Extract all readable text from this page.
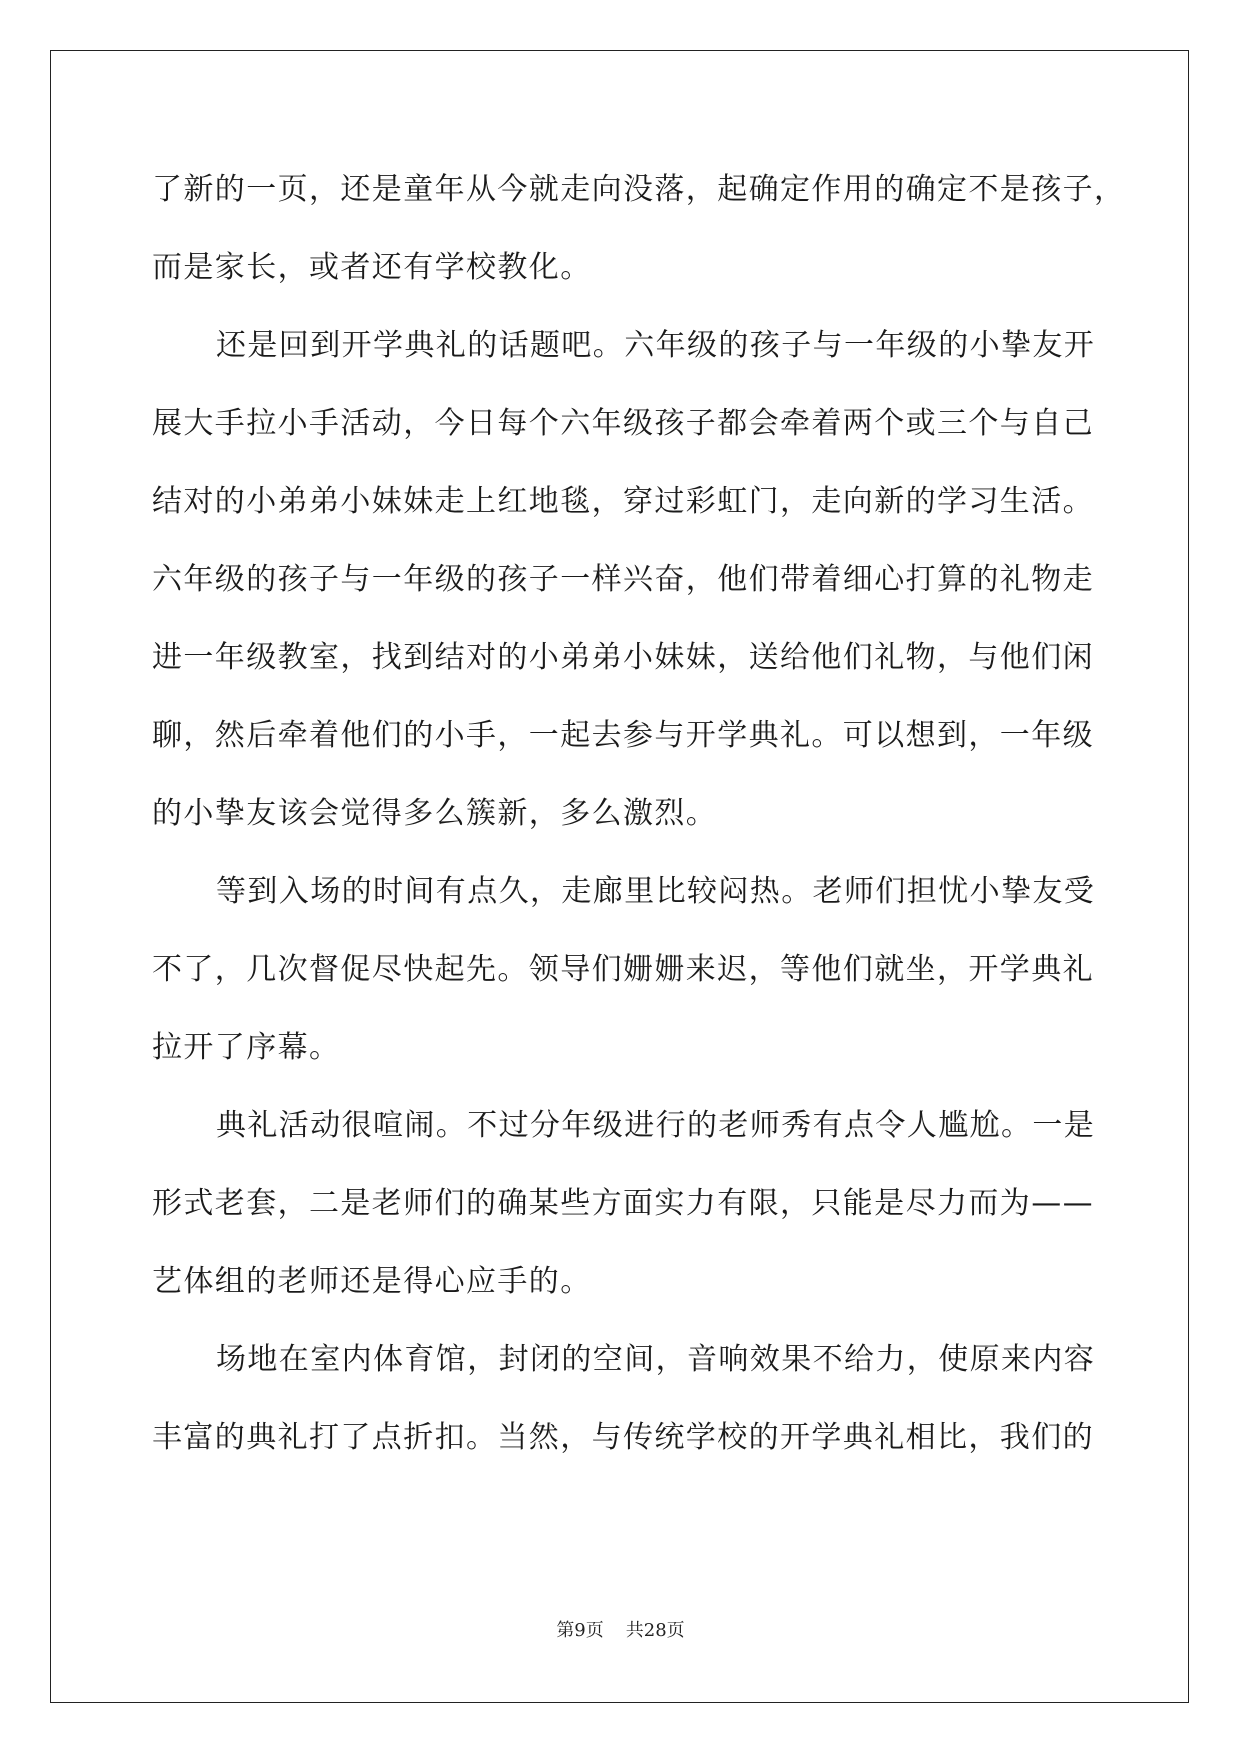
了新的一页，还是童年从今就走向没落，起确定作用的确定不是孩子，
而是家长，或者还有学校教化。

还是回到开学典礼的话题吧。六年级的孩子与一年级的小挚友开
展大手拉小手活动，今日每个六年级孩子都会牵着两个或三个与自己
结对的小弟弟小妹妹走上红地毯，穿过彩虹门，走向新的学习生活。
六年级的孩子与一年级的孩子一样兴奋，他们带着细心打算的礼物走
进一年级教室，找到结对的小弟弟小妹妹，送给他们礼物，与他们闲
聊，然后牵着他们的小手，一起去参与开学典礼。可以想到，一年级
的小挚友该会觉得多么簇新，多么激烈。

等到入场的时间有点久，走廊里比较闷热。老师们担忧小挚友受
不了，几次督促尽快起先。领导们姗姗来迟，等他们就坐，开学典礼
拉开了序幕。

典礼活动很喧闹。不过分年级进行的老师秀有点令人尴尬。一是
形式老套，二是老师们的确某些方面实力有限，只能是尽力而为——
艺体组的老师还是得心应手的。

场地在室内体育馆，封闭的空间，音响效果不给力，使原来内容
丰富的典礼打了点折扣。当然，与传统学校的开学典礼相比，我们的

第9页 共28页
